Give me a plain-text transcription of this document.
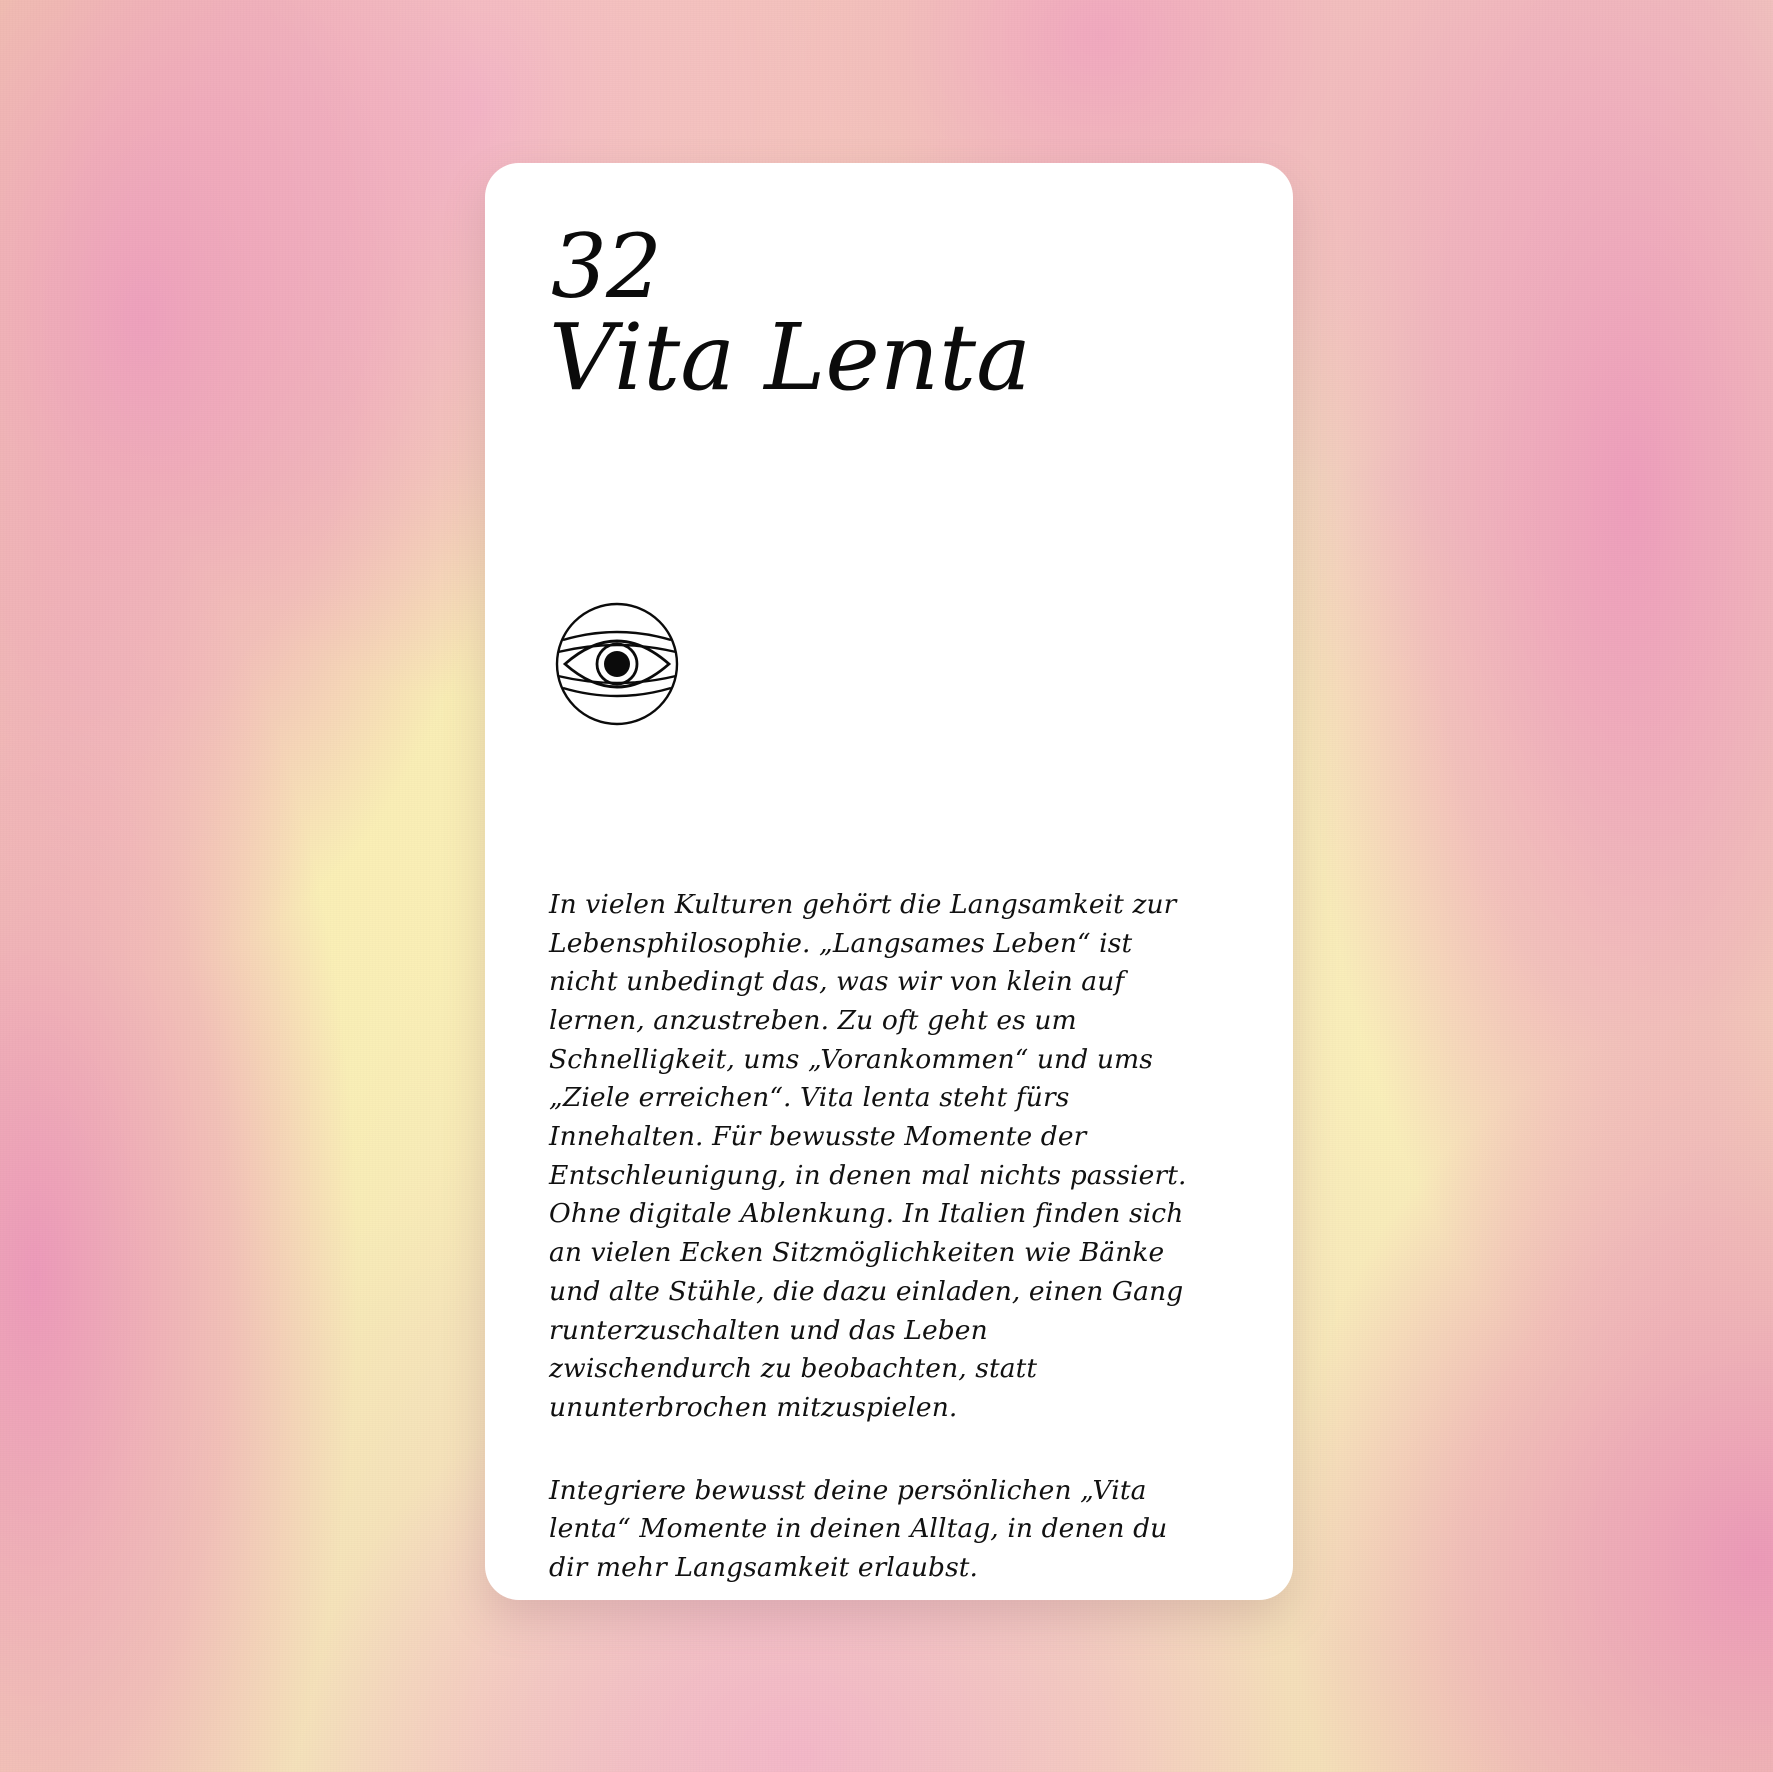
32
Vita Lenta

In vielen Kulturen gehört die Langsamkeit zur Lebensphilosophie. „Langsames Leben“ ist nicht unbedingt das, was wir von klein auf lernen, anzustreben. Zu oft geht es um Schnelligkeit, ums „Vorankommen“ und ums „Ziele erreichen“. Vita lenta steht fürs Innehalten. Für bewusste Momente der Entschleunigung, in denen mal nichts passiert. Ohne digitale Ablenkung. In Italien finden sich an vielen Ecken Sitzmöglichkeiten wie Bänke und alte Stühle, die dazu einladen, einen Gang runterzuschalten und das Leben zwischendurch zu beobachten, statt ununterbrochen mitzuspielen.

Integriere bewusst deine persönlichen „Vita lenta“ Momente in deinen Alltag, in denen du dir mehr Langsamkeit erlaubst.
